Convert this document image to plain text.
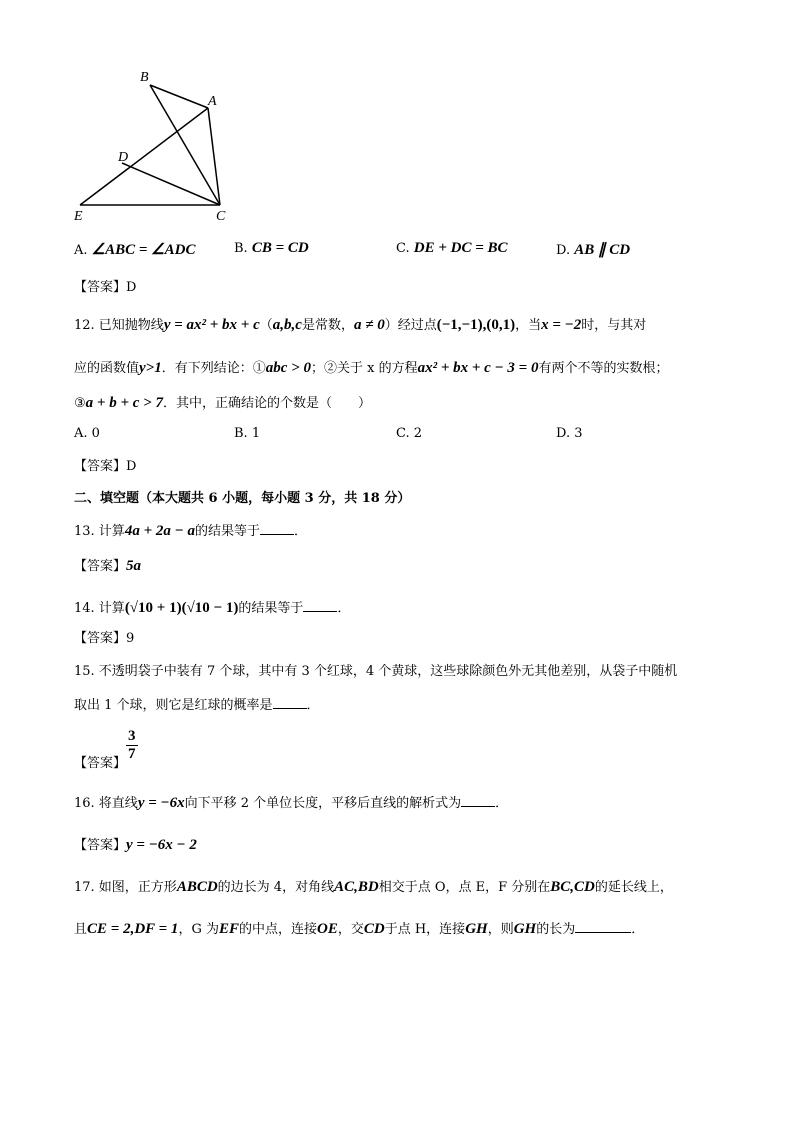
B
A
D
E	C
A. ∠ABC = ∠ADC	B. CB = CD	C. DE + DC = BC	D. AB ∥ CD
【答案】D
12. 已知抛物线y = ax² + bx + c（a,b,c是常数，a ≠ 0）经过点(−1,−1),(0,1)，当x = −2时，与其对
应的函数值y>1．有下列结论：①abc > 0；②关于 x 的方程ax² + bx + c − 3 = 0有两个不等的实数根；
③a + b + c > 7．其中，正确结论的个数是（　　）
A. 0	B. 1	C. 2	D. 3
【答案】D
二、填空题（本大题共 6 小题，每小题 3 分，共 18 分）
13. 计算4a + 2a − a的结果等于	．
【答案】5a
14. 计算(√10 + 1)(√10 − 1)的结果等于	．
【答案】9
15. 不透明袋子中装有 7 个球，其中有 3 个红球，4 个黄球，这些球除颜色外无其他差别，从袋子中随机
取出 1 个球，则它是红球的概率是	．
【答案】
$\frac{3}{7}$
16. 将直线y = −6x向下平移 2 个单位长度，平移后直线的解析式为	．
【答案】y = −6x − 2
17. 如图，正方形ABCD的边长为 4，对角线AC,BD相交于点 O，点 E，F 分别在BC,CD的延长线上，
且CE = 2,DF = 1，G 为EF的中点，连接OE，交CD于点 H，连接GH，则GH的长为	．
